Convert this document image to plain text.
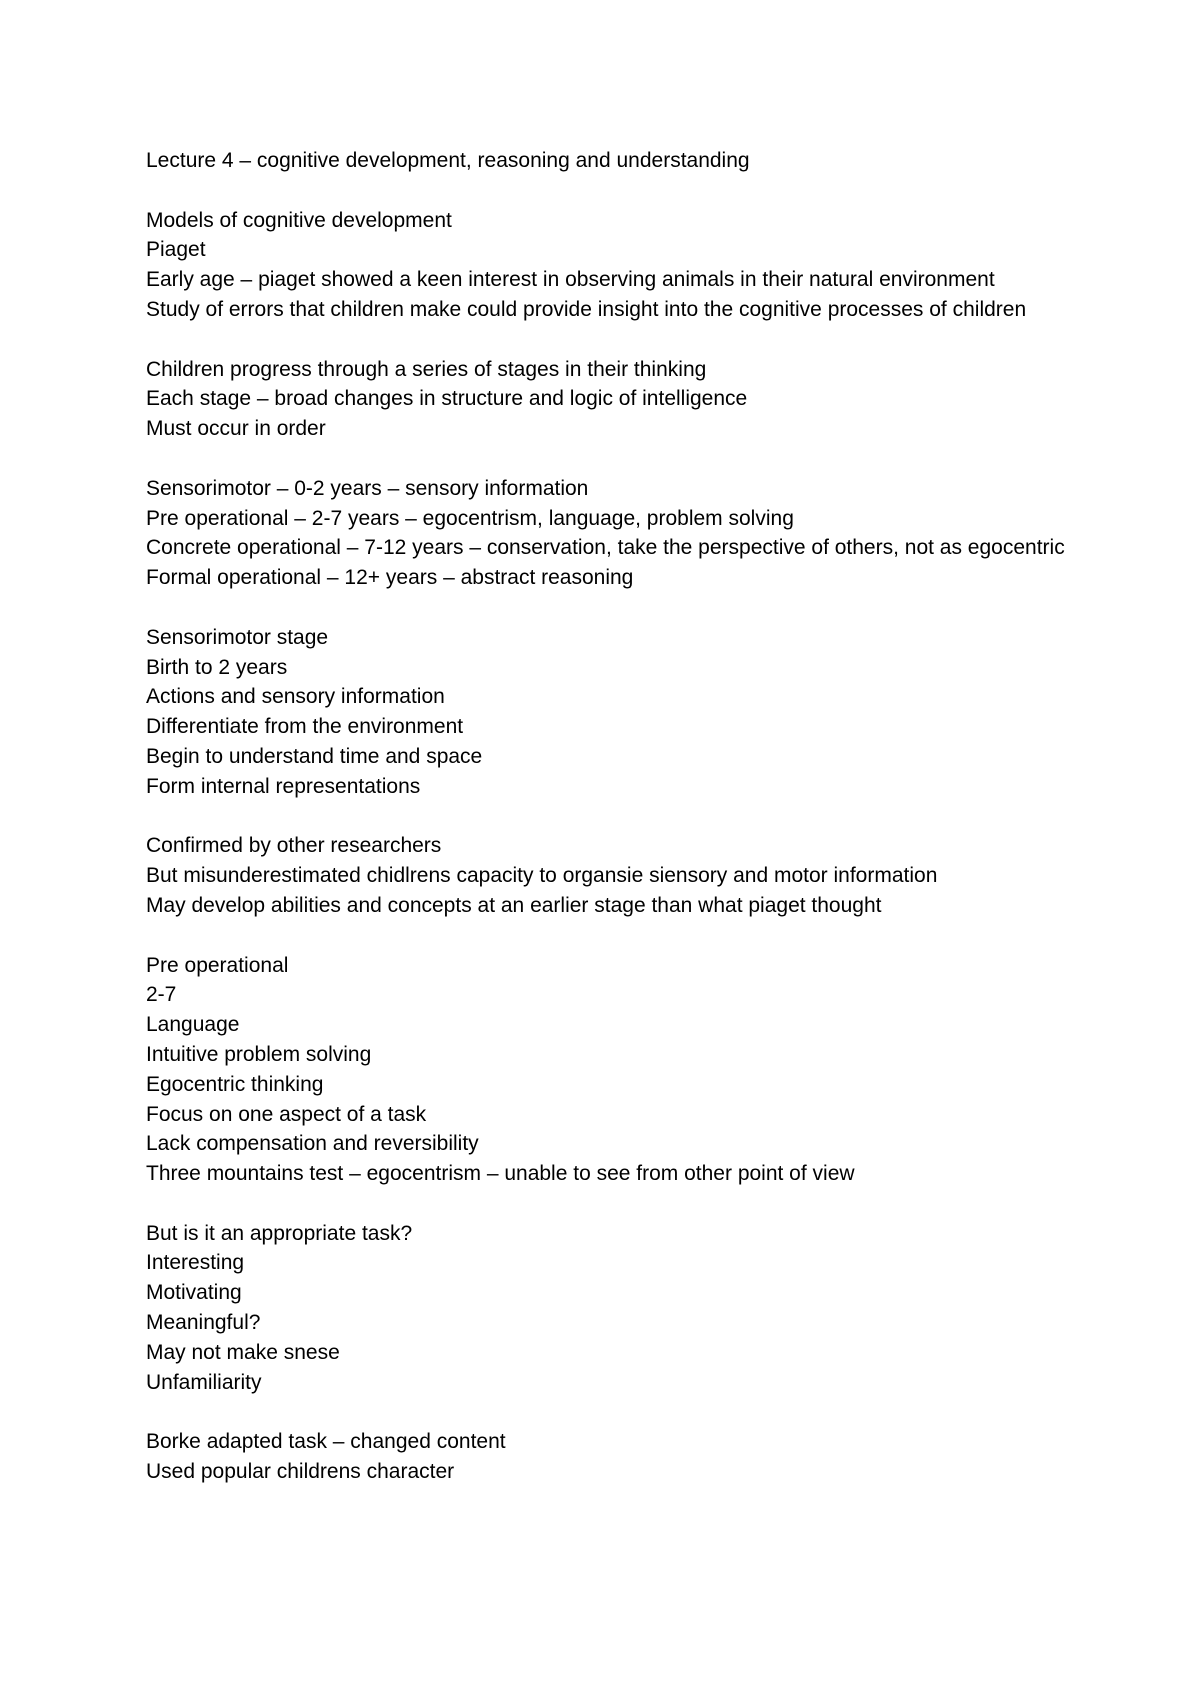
Lecture 4 – cognitive development, reasoning and understanding
Models of cognitive development
Piaget
Early age – piaget showed a keen interest in observing animals in their natural environment
Study of errors that children make could provide insight into the cognitive processes of children
Children progress through a series of stages in their thinking
Each stage – broad changes in structure and logic of intelligence
Must occur in order
Sensorimotor – 0-2 years – sensory information
Pre operational – 2-7 years – egocentrism, language, problem solving
Concrete operational – 7-12 years – conservation, take the perspective of others, not as egocentric
Formal operational – 12+ years – abstract reasoning
Sensorimotor stage
Birth to 2 years
Actions and sensory information
Differentiate from the environment
Begin to understand time and space
Form internal representations
Confirmed by other researchers
But misunderestimated chidlrens capacity to organsie siensory and motor information
May develop abilities and concepts at an earlier stage than what piaget thought
Pre operational
2-7
Language
Intuitive problem solving
Egocentric thinking
Focus on one aspect of a task
Lack compensation and reversibility
Three mountains test – egocentrism – unable to see from other point of view
But is it an appropriate task?
Interesting
Motivating
Meaningful?
May not make snese
Unfamiliarity
Borke adapted task – changed content
Used popular childrens character
